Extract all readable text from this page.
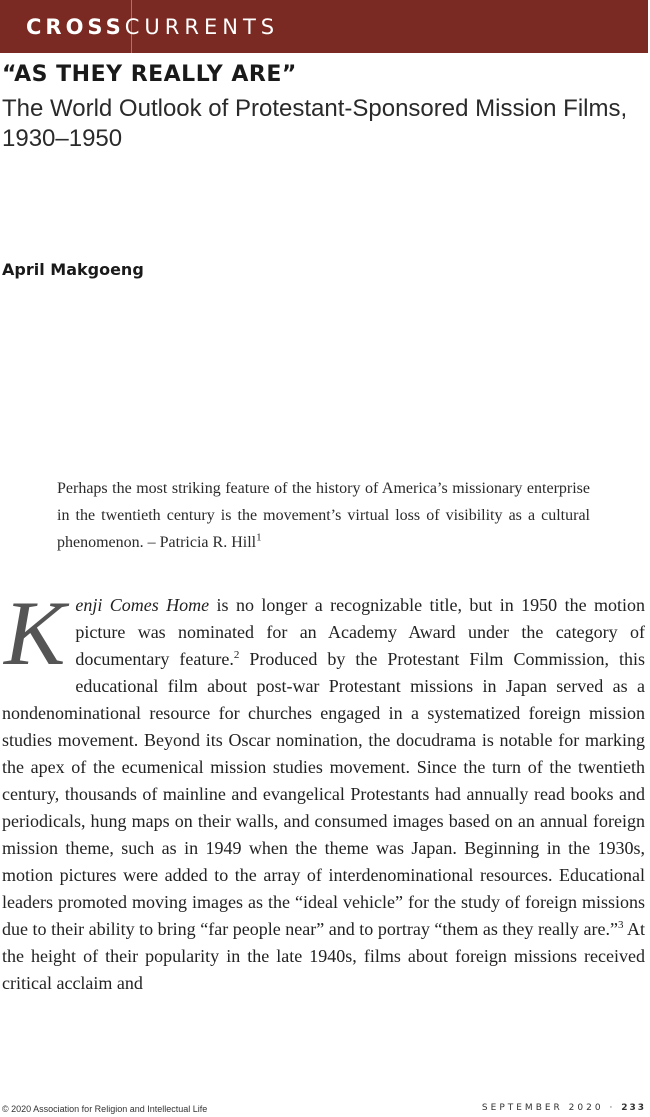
CROSSCURRENTS
“AS THEY REALLY ARE”
The World Outlook of Protestant-Sponsored Mission Films, 1930–1950
April Makgoeng
Perhaps the most striking feature of the history of America’s missionary enterprise in the twentieth century is the movement’s virtual loss of visibility as a cultural phenomenon. – Patricia R. Hill$^1$
Kenji Comes Home is no longer a recognizable title, but in 1950 the motion picture was nominated for an Academy Award under the category of documentary feature.$^2$ Produced by the Protestant Film Commission, this educational film about post-war Protestant missions in Japan served as a nondenominational resource for churches engaged in a systematized foreign mission studies movement. Beyond its Oscar nomination, the docudrama is notable for marking the apex of the ecumenical mission studies movement. Since the turn of the twentieth century, thousands of mainline and evangelical Protestants had annually read books and periodicals, hung maps on their walls, and consumed images based on an annual foreign mission theme, such as in 1949 when the theme was Japan. Beginning in the 1930s, motion pictures were added to the array of interdenominational resources. Educational leaders promoted moving images as the “ideal vehicle” for the study of foreign missions due to their ability to bring “far people near” and to portray “them as they really are.”$^3$ At the height of their popularity in the late 1940s, films about foreign missions received critical acclaim and
© 2020 Association for Religion and Intellectual Life	SEPTEMBER 2020 · 233
